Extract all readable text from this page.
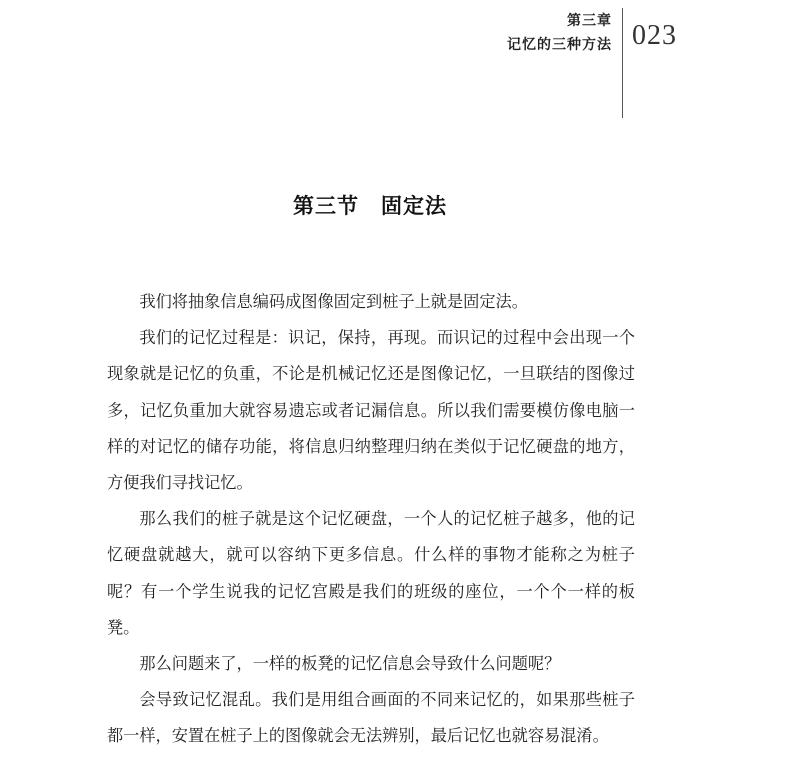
第三章
记忆的三种方法 023
第三节　固定法

我们将抽象信息编码成图像固定到桩子上就是固定法。

我们的记忆过程是：识记，保持，再现。而识记的过程中会出现一个现象就是记忆的负重，不论是机械记忆还是图像记忆，一旦联结的图像过多，记忆负重加大就容易遗忘或者记漏信息。所以我们需要模仿像电脑一样的对记忆的储存功能，将信息归纳整理归纳在类似于记忆硬盘的地方，方便我们寻找记忆。

那么我们的桩子就是这个记忆硬盘，一个人的记忆桩子越多，他的记忆硬盘就越大，就可以容纳下更多信息。什么样的事物才能称之为桩子呢？有一个学生说我的记忆宫殿是我们的班级的座位，一个个一样的板凳。

那么问题来了，一样的板凳的记忆信息会导致什么问题呢？

会导致记忆混乱。我们是用组合画面的不同来记忆的，如果那些桩子都一样，安置在桩子上的图像就会无法辨别，最后记忆也就容易混淆。
